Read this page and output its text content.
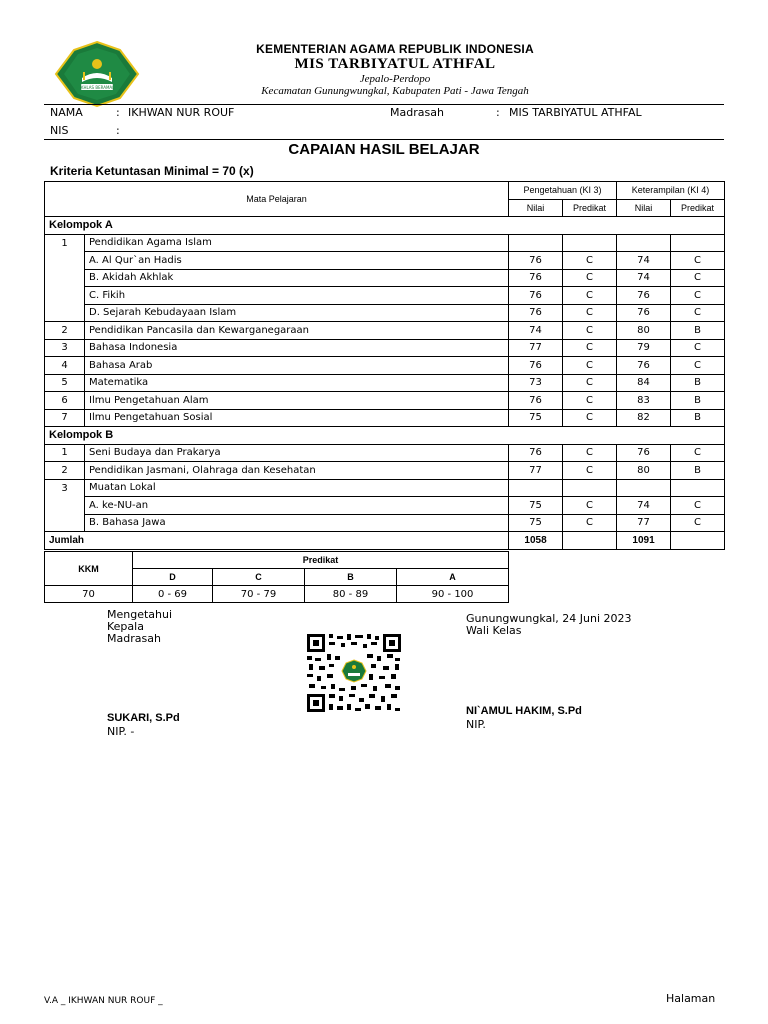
IKHLAS BERAMAL
KEMENTERIAN AGAMA REPUBLIK INDONESIA
MIS TARBIYATUL ATHFAL
Jepalo-Perdopo
Kecamatan Gunungwungkal, Kabupaten Pati - Jawa Tengah
NAMA	: IKHWAN NUR ROUF	Madrasah	: MIS TARBIYATUL ATHFAL
NIS	:
CAPAIAN HASIL BELAJAR
Kriteria Ketuntasan Minimal = 70 (x)
Mata Pelajaran		Pengetahuan (KI 3)		Keterampilan (KI 4)	
		Nilai	Predikat	Nilai	Predikat
Kelompok A					
1	Pendidikan Agama Islam				
	A. Al Qur`an Hadis	76	C	74	C
	B. Akidah Akhlak	76	C	74	C
	C. Fikih	76	C	76	C
	D. Sejarah Kebudayaan Islam	76	C	76	C
2	Pendidikan Pancasila dan Kewarganegaraan	74	C	80	B
3	Bahasa Indonesia	77	C	79	C
4	Bahasa Arab	76	C	76	C
5	Matematika	73	C	84	B
6	Ilmu Pengetahuan Alam	76	C	83	B
7	Ilmu Pengetahuan Sosial	75	C	82	B
Kelompok B					
1	Seni Budaya dan Prakarya	76	C	76	C
2	Pendidikan Jasmani, Olahraga dan Kesehatan	77	C	80	B
3	Muatan Lokal				
	A. ke-NU-an	75	C	74	C
	B. Bahasa Jawa	75	C	77	C
Jumlah		1058		1091	
KKM	Predikat			
	D	C	B	A
70	0 - 69	70 - 79	80 - 89	90 - 100
Mengetahui
Kepala
Madrasah
SUKARI, S.Pd
NIP. -
Gunungwungkal, 24 Juni 2023
Wali Kelas
NI`AMUL HAKIM, S.Pd
NIP.
V.A _ IKHWAN NUR ROUF _	Halaman
